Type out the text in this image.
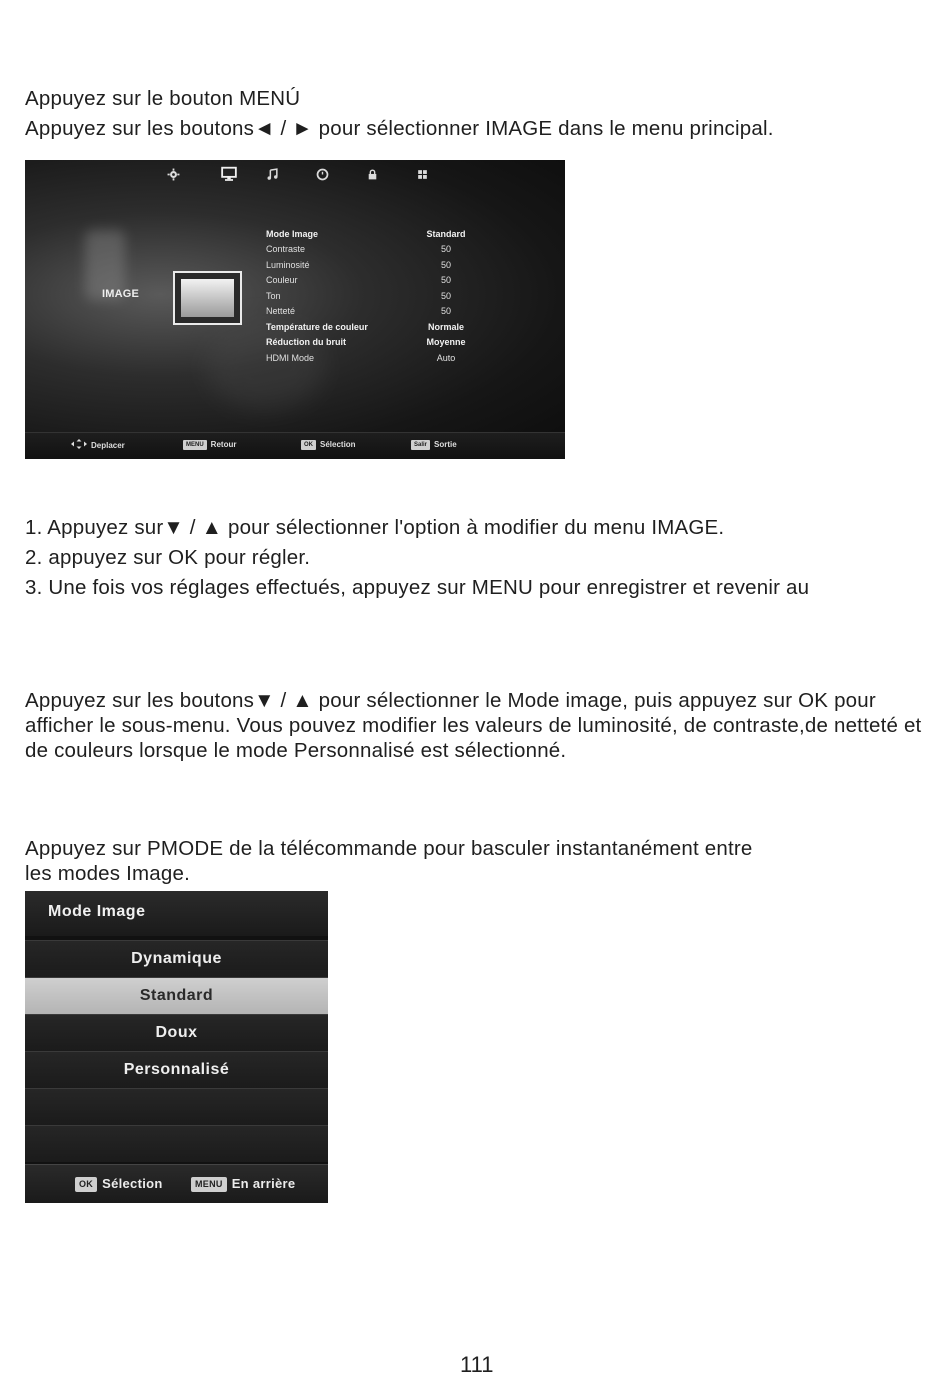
Appuyez sur le bouton MENÚ
Appuyez sur les boutons◄ / ► pour sélectionner IMAGE dans le menu principal.
IMAGE
Mode Image	Standard
Contraste	50
Luminosité	50
Couleur	50
Ton	50
Netteté	50
Température de couleur	Normale
Réduction du bruit	Moyenne
HDMI Mode	Auto
Deplacer	MENU Retour	OK Sélection	Salir Sortie
1. Appuyez sur▼ / ▲ pour sélectionner l'option à modifier du menu IMAGE.
2. appuyez sur OK pour régler.
3. Une fois vos réglages effectués, appuyez sur MENU pour enregistrer et revenir au
Appuyez sur les boutons▼ / ▲ pour sélectionner le Mode image, puis appuyez sur OK pour afficher le sous-menu. Vous pouvez modifier les valeurs de luminosité, de contraste,de netteté et de couleurs lorsque le mode Personnalisé est sélectionné.
Appuyez sur PMODE de la télécommande pour basculer instantanément entre
les modes Image.
Mode Image
Dynamique
Standard
Doux
Personnalisé
OK Sélection	MENU En arrière
111
